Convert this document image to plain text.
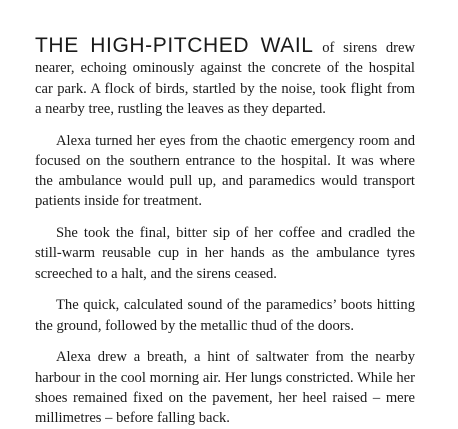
THE HIGH-PITCHED WAIL of sirens drew nearer, echoing ominously against the concrete of the hospital car park. A flock of birds, startled by the noise, took flight from a nearby tree, rustling the leaves as they departed.

Alexa turned her eyes from the chaotic emergency room and focused on the southern entrance to the hospital. It was where the ambulance would pull up, and paramedics would transport patients inside for treatment.

She took the final, bitter sip of her coffee and cradled the still-warm reusable cup in her hands as the ambulance tyres screeched to a halt, and the sirens ceased.

The quick, calculated sound of the paramedics’ boots hitting the ground, followed by the metallic thud of the doors.

Alexa drew a breath, a hint of saltwater from the nearby harbour in the cool morning air. Her lungs constricted. While her shoes remained fixed on the pavement, her heel raised – mere millimetres – before falling back.
